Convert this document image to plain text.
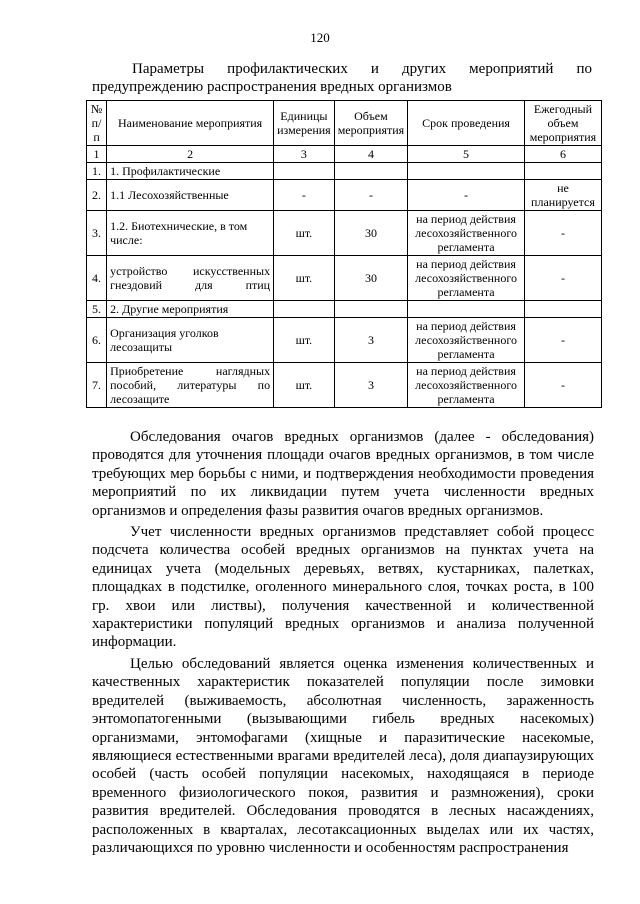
120
Параметры профилактических и других мероприятий по
предупреждению распространения вредных организмов
№ п/п	Наименование мероприятия	Единицы измерения	Объем мероприятия	Срок проведения	Ежегодный объем мероприятия
1	2	3	4	5	6
1.	1. Профилактические				
2.	1.1 Лесохозяйственные	-	-	-	не планируется
3.	1.2. Биотехнические, в том числе:	шт.	30	на период действия лесохозяйственного регламента	-
4.	устройство искусственных гнездовий для птиц	шт.	30	на период действия лесохозяйственного регламента	-
5.	2. Другие мероприятия				
6.	Организация уголков лесозащиты	шт.	3	на период действия лесохозяйственного регламента	-
7.	Приобретение наглядных пособий, литературы по лесозащите	шт.	3	на период действия лесохозяйственного регламента	-

Обследования очагов вредных организмов (далее - обследования) проводятся для уточнения площади очагов вредных организмов, в том числе требующих мер борьбы с ними, и подтверждения необходимости проведения мероприятий по их ликвидации путем учета численности вредных организмов и определения фазы развития очагов вредных организмов.

Учет численности вредных организмов представляет собой процесс подсчета количества особей вредных организмов на пунктах учета на единицах учета (модельных деревьях, ветвях, кустарниках, палетках, площадках в подстилке, оголенного минерального слоя, точках роста, в 100 гр. хвои или листвы), получения качественной и количественной характеристики популяций вредных организмов и анализа полученной информации.

Целью обследований является оценка изменения количественных и качественных характеристик показателей популяции после зимовки вредителей (выживаемость, абсолютная численность, зараженность энтомопатогенными (вызывающими гибель вредных насекомых) организмами, энтомофагами (хищные и паразитические насекомые, являющиеся естественными врагами вредителей леса), доля диапаузирующих особей (часть особей популяции насекомых, находящаяся в периоде временного физиологического покоя, развития и размножения), сроки развития вредителей. Обследования проводятся в лесных насаждениях, расположенных в кварталах, лесотаксационных выделах или их частях, различающихся по уровню численности и особенностям распространения
